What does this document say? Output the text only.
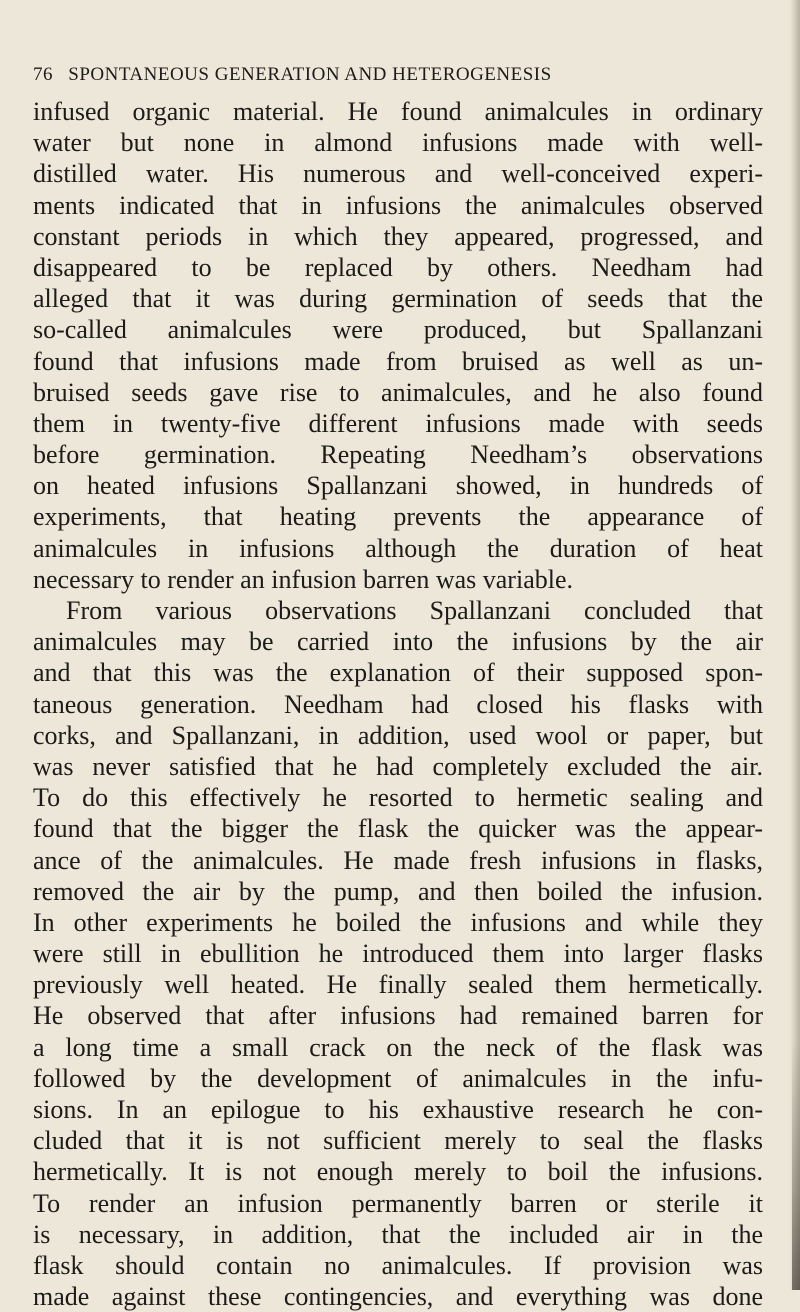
76 SPONTANEOUS GENERATION AND HETEROGENESIS
infused organic material. He found animalcules in ordinary
water but none in almond infusions made with well-
distilled water. His numerous and well-conceived experi-
ments indicated that in infusions the animalcules observed
constant periods in which they appeared, progressed, and
disappeared to be replaced by others. Needham had
alleged that it was during germination of seeds that the
so-called animalcules were produced, but Spallanzani
found that infusions made from bruised as well as un-
bruised seeds gave rise to animalcules, and he also found
them in twenty-five different infusions made with seeds
before germination. Repeating Needham’s observations
on heated infusions Spallanzani showed, in hundreds of
experiments, that heating prevents the appearance of
animalcules in infusions although the duration of heat
necessary to render an infusion barren was variable.
From various observations Spallanzani concluded that
animalcules may be carried into the infusions by the air
and that this was the explanation of their supposed spon-
taneous generation. Needham had closed his flasks with
corks, and Spallanzani, in addition, used wool or paper, but
was never satisfied that he had completely excluded the air.
To do this effectively he resorted to hermetic sealing and
found that the bigger the flask the quicker was the appear-
ance of the animalcules. He made fresh infusions in flasks,
removed the air by the pump, and then boiled the infusion.
In other experiments he boiled the infusions and while they
were still in ebullition he introduced them into larger flasks
previously well heated. He finally sealed them hermetically.
He observed that after infusions had remained barren for
a long time a small crack on the neck of the flask was
followed by the development of animalcules in the infu-
sions. In an epilogue to his exhaustive research he con-
cluded that it is not sufficient merely to seal the flasks
hermetically. It is not enough merely to boil the infusions.
To render an infusion permanently barren or sterile it
is necessary, in addition, that the included air in the
flask should contain no animalcules. If provision was
made against these contingencies, and everything was done
